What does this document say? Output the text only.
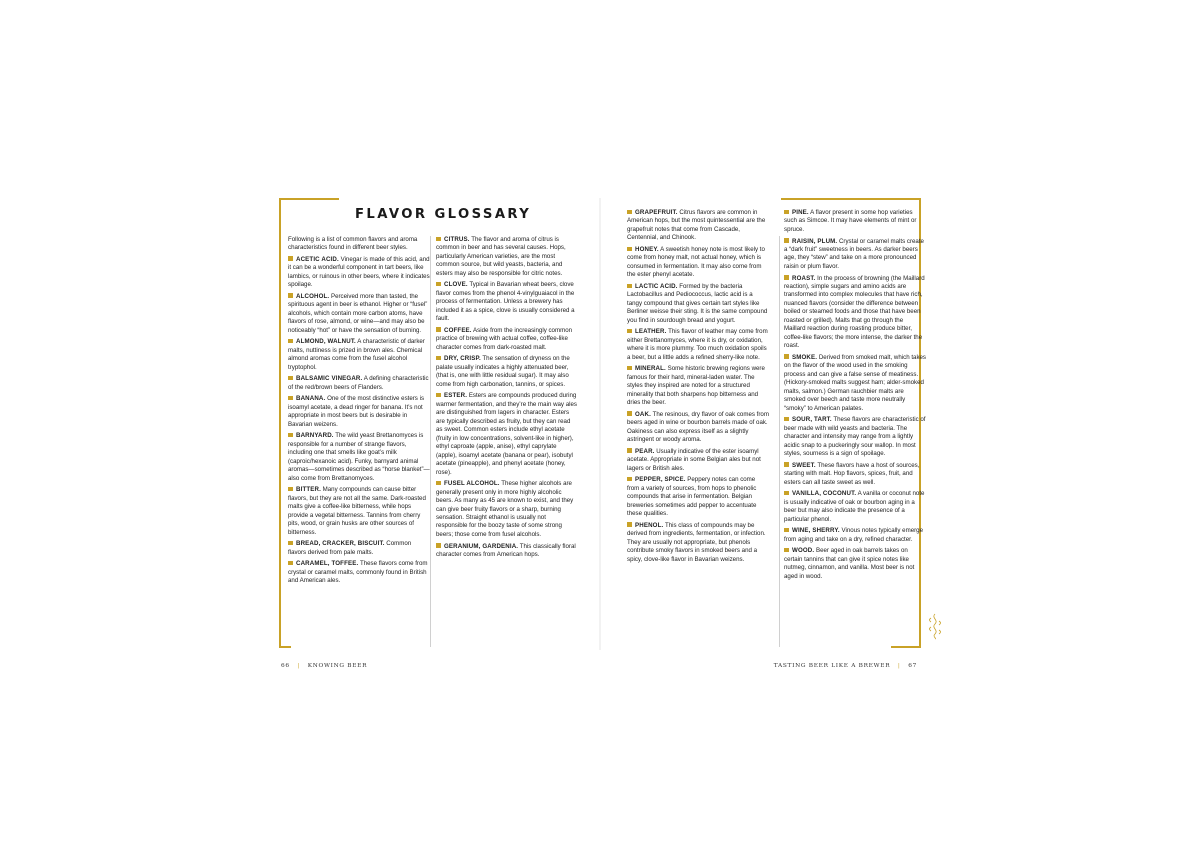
FLAVOR GLOSSARY
Following is a list of common flavors and aroma characteristics found in different beer styles.
ACETIC ACID. Vinegar is made of this acid, and it can be a wonderful component in tart beers, like lambics, or ruinous in other beers, where it indicates spoilage.
ALCOHOL. Perceived more than tasted, the spirituous agent in beer is ethanol. Higher or “fusel” alcohols, which contain more carbon atoms, have flavors of rose, almond, or wine—and may also be noticeably “hot” or have the sensation of burning.
ALMOND, WALNUT. A characteristic of darker malts, nuttiness is prized in brown ales. Chemical almond aromas come from the fusel alcohol tryptophol.
BALSAMIC VINEGAR. A defining characteristic of the red/brown beers of Flanders.
BANANA. One of the most distinctive esters is isoamyl acetate, a dead ringer for banana. It’s not appropriate in most beers but is desirable in Bavarian weizens.
BARNYARD. The wild yeast Brettanomyces is responsible for a number of strange flavors, including one that smells like goat’s milk (caproic/hexanoic acid). Funky, barnyard animal aromas—sometimes described as “horse blanket”—also come from Brettanomyces.
BITTER. Many compounds can cause bitter flavors, but they are not all the same. Dark-roasted malts give a coffee-like bitterness, while hops provide a vegetal bitterness. Tannins from cherry pits, wood, or grain husks are other sources of bitterness.
BREAD, CRACKER, BISCUIT. Common flavors derived from pale malts.
CARAMEL, TOFFEE. These flavors come from crystal or caramel malts, commonly found in British and American ales.
CITRUS. The flavor and aroma of citrus is common in beer and has several causes. Hops, particularly American varieties, are the most common source, but wild yeasts, bacteria, and esters may also be responsible for citric notes.
CLOVE. Typical in Bavarian wheat beers, clove flavor comes from the phenol 4-vinylguaiacol in the process of fermentation. Unless a brewery has included it as a spice, clove is usually considered a fault.
COFFEE. Aside from the increasingly common practice of brewing with actual coffee, coffee-like character comes from dark-roasted malt.
DRY, CRISP. The sensation of dryness on the palate usually indicates a highly attenuated beer, (that is, one with little residual sugar). It may also come from high carbonation, tannins, or spices.
ESTER. Esters are compounds produced during warmer fermentation, and they’re the main way ales are distinguished from lagers in character. Esters are typically described as fruity, but they can read as sweet. Common esters include ethyl acetate (fruity in low concentrations, solvent-like in higher), ethyl caproate (apple, anise), ethyl caprylate (apple), isoamyl acetate (banana or pear), isobutyl acetate (pineapple), and phenyl acetate (honey, rose).
FUSEL ALCOHOL. These higher alcohols are generally present only in more highly alcoholic beers. As many as 45 are known to exist, and they can give beer fruity flavors or a sharp, burning sensation. Straight ethanol is usually not responsible for the boozy taste of some strong beers; those come from fusel alcohols.
GERANIUM, GARDENIA. This classically floral character comes from American hops.
GRAPEFRUIT. Citrus flavors are common in American hops, but the most quintessential are the grapefruit notes that come from Cascade, Centennial, and Chinook.
HONEY. A sweetish honey note is most likely to come from honey malt, not actual honey, which is consumed in fermentation. It may also come from the ester phenyl acetate.
LACTIC ACID. Formed by the bacteria Lactobacillus and Pediococcus, lactic acid is a tangy compound that gives certain tart styles like Berliner weisse their sting. It is the same compound you find in sourdough bread and yogurt.
LEATHER. This flavor of leather may come from either Brettanomyces, where it is dry, or oxidation, where it is more plummy. Too much oxidation spoils a beer, but a little adds a refined sherry-like note.
MINERAL. Some historic brewing regions were famous for their hard, mineral-laden water. The styles they inspired are noted for a structured minerality that both sharpens hop bitterness and dries the beer.
OAK. The resinous, dry flavor of oak comes from beers aged in wine or bourbon barrels made of oak. Oakiness can also express itself as a slightly astringent or woody aroma.
PEAR. Usually indicative of the ester isoamyl acetate. Appropriate in some Belgian ales but not lagers or British ales.
PEPPER, SPICE. Peppery notes can come from a variety of sources, from hops to phenolic compounds that arise in fermentation. Belgian breweries sometimes add pepper to accentuate these qualities.
PHENOL. This class of compounds may be derived from ingredients, fermentation, or infection. They are usually not appropriate, but phenols contribute smoky flavors in smoked beers and a spicy, clove-like flavor in Bavarian weizens.
PINE. A flavor present in some hop varieties such as Simcoe. It may have elements of mint or spruce.
RAISIN, PLUM. Crystal or caramel malts create a “dark fruit” sweetness in beers. As darker beers age, they “stew” and take on a more pronounced raisin or plum flavor.
ROAST. In the process of browning (the Maillard reaction), simple sugars and amino acids are transformed into complex molecules that have rich, nuanced flavors (consider the difference between boiled or steamed foods and those that have been roasted or grilled). Malts that go through the Maillard reaction during roasting produce bitter, coffee-like flavors; the more intense, the darker the roast.
SMOKE. Derived from smoked malt, which takes on the flavor of the wood used in the smoking process and can give a false sense of meatiness. (Hickory-smoked malts suggest ham; alder-smoked malts, salmon.) German rauchbier malts are smoked over beech and taste more neutrally “smoky” to American palates.
SOUR, TART. These flavors are characteristic of beer made with wild yeasts and bacteria. The character and intensity may range from a lightly acidic snap to a puckeringly sour wallop. In most styles, sourness is a sign of spoilage.
SWEET. These flavors have a host of sources, starting with malt. Hop flavors, spices, fruit, and esters can all taste sweet as well.
VANILLA, COCONUT. A vanilla or coconut note is usually indicative of oak or bourbon aging in a beer but may also indicate the presence of a particular phenol.
WINE, SHERRY. Vinous notes typically emerge from aging and take on a dry, refined character.
WOOD. Beer aged in oak barrels takes on certain tannins that can give it spice notes like nutmeg, cinnamon, and vanilla. Most beer is not aged in wood.
66 | KNOWING BEER	TASTING BEER LIKE A BREWER | 67
